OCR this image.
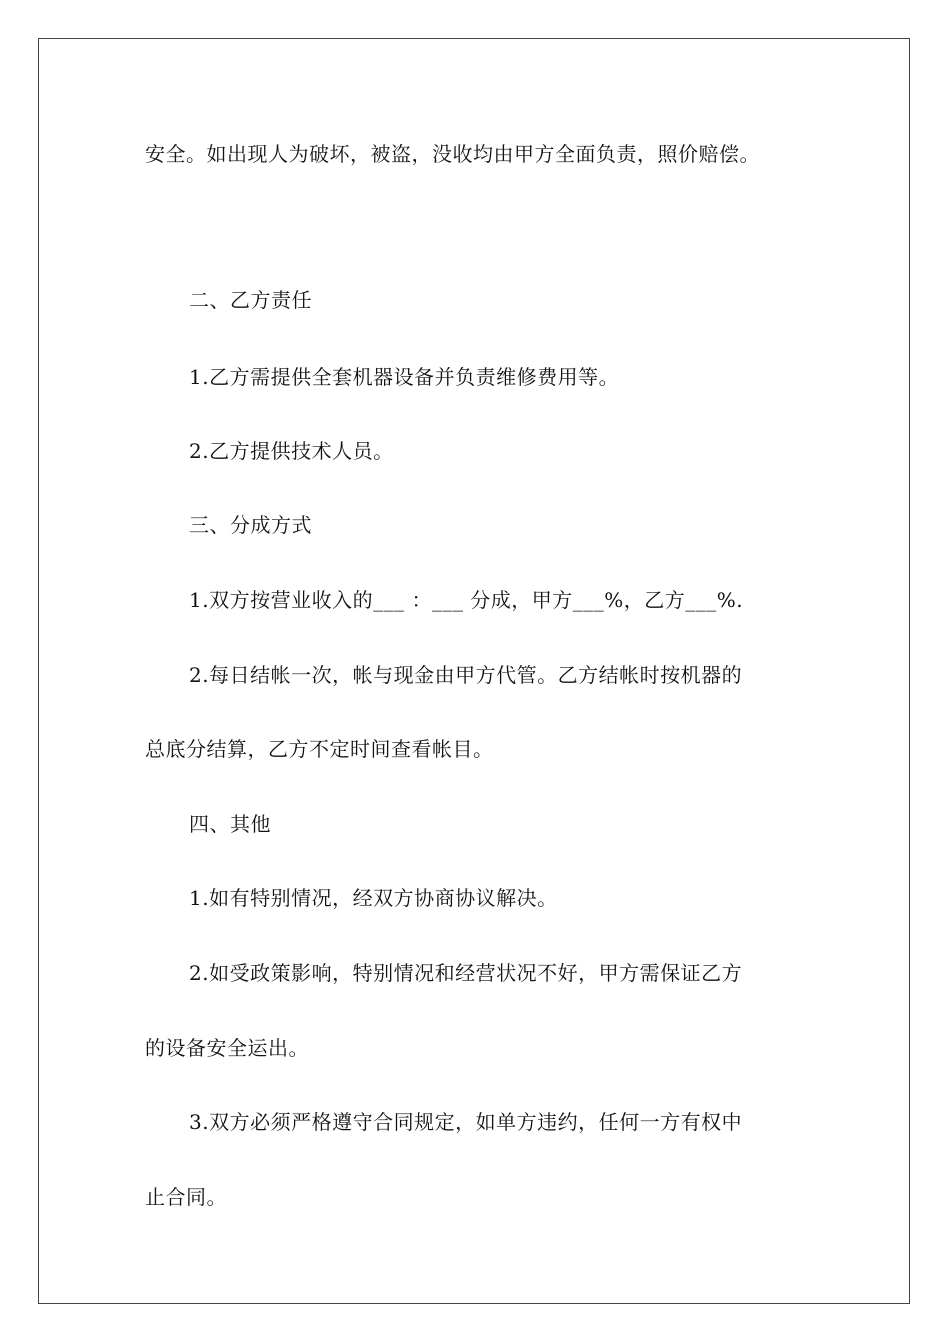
安全。如出现人为破坏，被盗，没收均由甲方全面负责，照价赔偿。
二、乙方责任
1.乙方需提供全套机器设备并负责维修费用等。
2.乙方提供技术人员。
三、分成方式
1.双方按营业收入的___ ：___ 分成，甲方___%，乙方___%.
2.每日结帐一次，帐与现金由甲方代管。乙方结帐时按机器的
总底分结算，乙方不定时间查看帐目。
四、其他
1.如有特别情况，经双方协商协议解决。
2.如受政策影响，特别情况和经营状况不好，甲方需保证乙方
的设备安全运出。
3.双方必须严格遵守合同规定，如单方违约，任何一方有权中
止合同。
